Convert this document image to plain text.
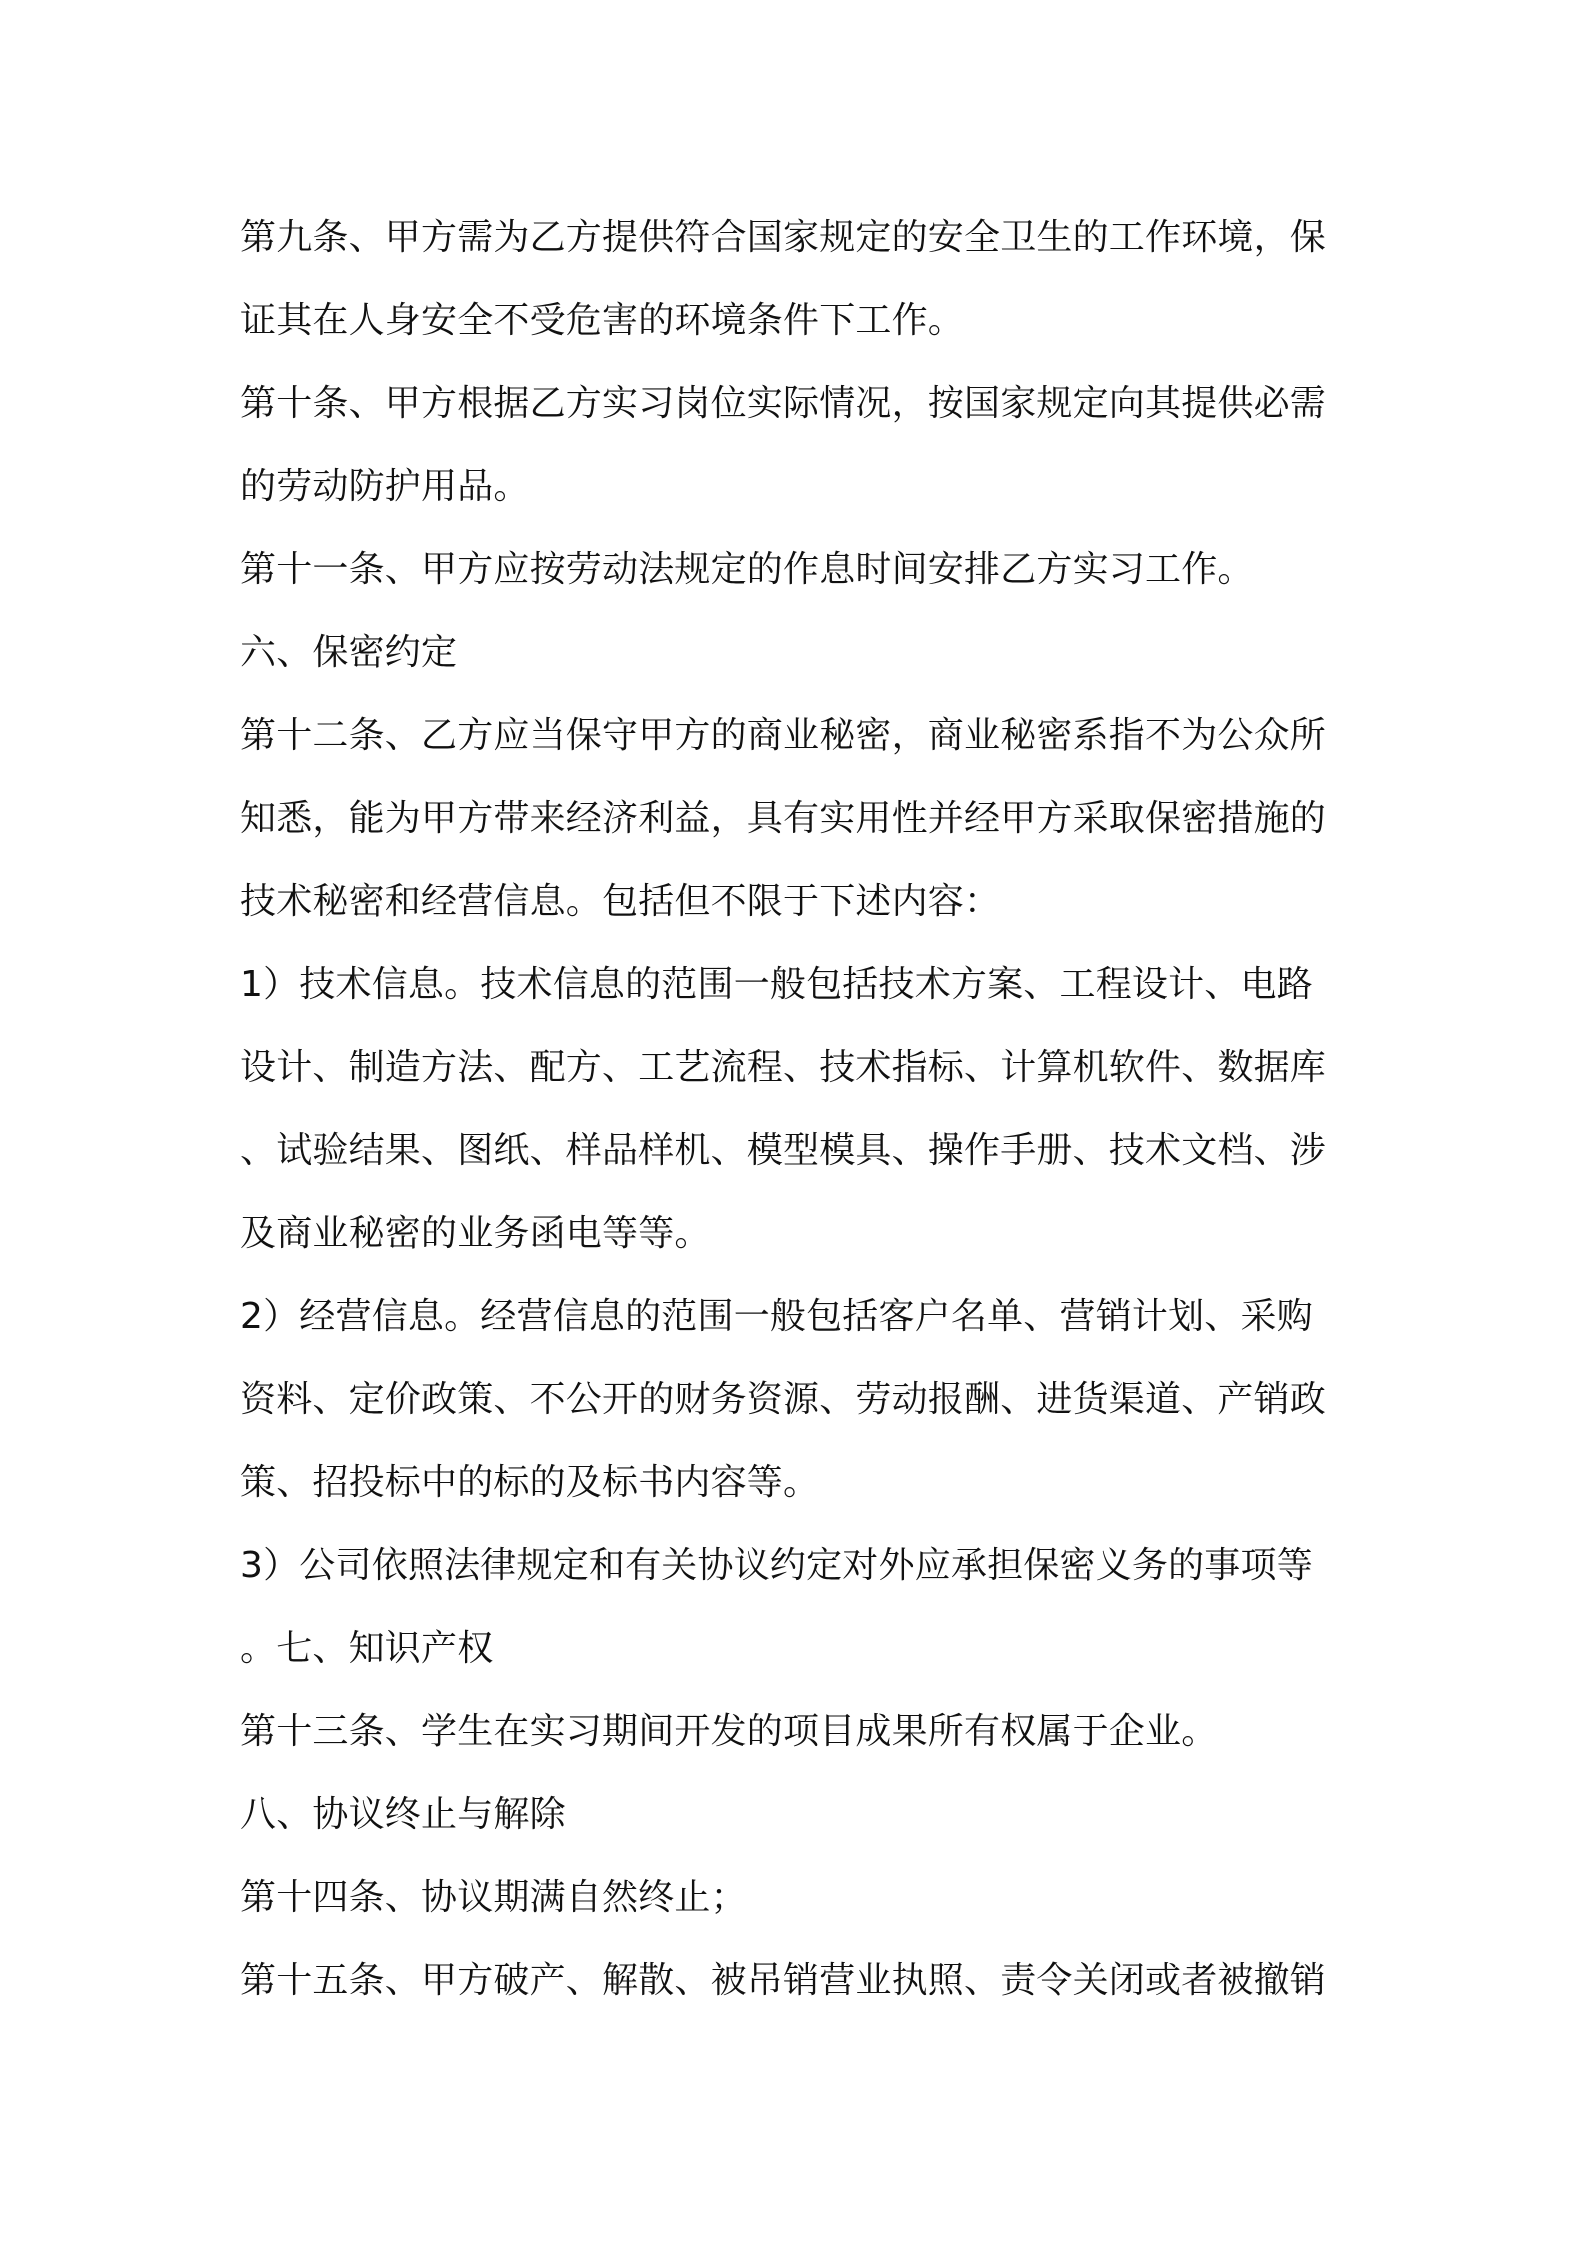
第九条、甲方需为乙方提供符合国家规定的安全卫生的工作环境，保
证其在人身安全不受危害的环境条件下工作。
第十条、甲方根据乙方实习岗位实际情况，按国家规定向其提供必需
的劳动防护用品。
第十一条、甲方应按劳动法规定的作息时间安排乙方实习工作。
六、保密约定
第十二条、乙方应当保守甲方的商业秘密，商业秘密系指不为公众所
知悉，能为甲方带来经济利益，具有实用性并经甲方采取保密措施的
技术秘密和经营信息。包括但不限于下述内容：
1）技术信息。技术信息的范围一般包括技术方案、工程设计、电路
设计、制造方法、配方、工艺流程、技术指标、计算机软件、数据库
、试验结果、图纸、样品样机、模型模具、操作手册、技术文档、涉
及商业秘密的业务函电等等。
2）经营信息。经营信息的范围一般包括客户名单、营销计划、采购
资料、定价政策、不公开的财务资源、劳动报酬、进货渠道、产销政
策、招投标中的标的及标书内容等。
3）公司依照法律规定和有关协议约定对外应承担保密义务的事项等
。七、知识产权
第十三条、学生在实习期间开发的项目成果所有权属于企业。
八、协议终止与解除
第十四条、协议期满自然终止；
第十五条、甲方破产、解散、被吊销营业执照、责令关闭或者被撤销
